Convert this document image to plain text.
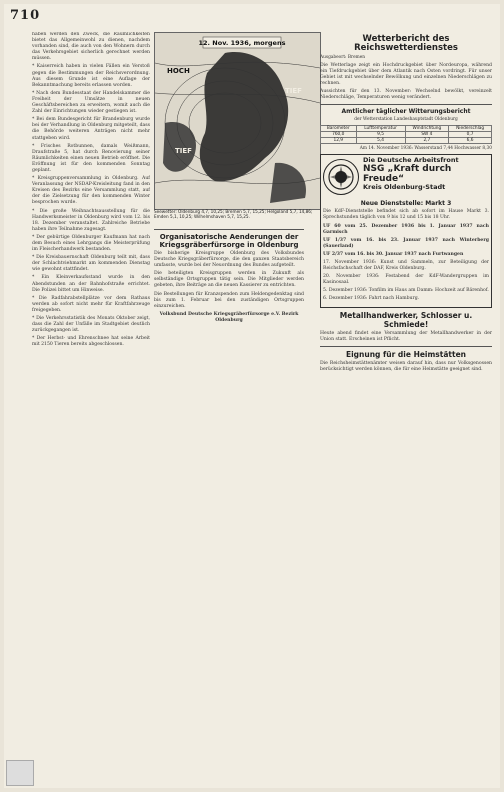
710

haben werden den Zweck, die Räumlichkeiten bietet das Allgemeinwohl zu dienen, nachdem vorhanden sind, die auch von den Wohnern durch das Verkehrsgebiet sicherlich gerechnet werden müssen.

* Kaiserreich haben in vielen Fällen ein Verstoß gegen die Bestimmungen der Reichsverordnung. Aus diesem Grunde ist eine Auflage der Bekanntmachung bereits erlassen worden.

* Nach dem Bundesstaat der Handelskammer die Freiheit der Umsätze in neuen Geschäftsbereichen zu erweitern, womit auch die Zahl der Einrichtungen wieder gestiegen ist.

* Bei dem Bundesgericht für Brandenburg wurde bei der Verhandlung in Oldenburg mitgeteilt, dass die Behörde weiteren Anträgen nicht mehr stattgeben wird.

* Frisches Rotbunnen, damals Weißmann, Draufstraße 5, hat durch Renovierung seiner Räumlichkeiten einen neuen Betrieb eröffnet. Die Eröffnung ist für den kommenden Sonntag geplant.

* Kreisgruppenversammlung in Oldenburg. Auf Veranlassung der NSDAP-Kreisleitung fand in den Kreisen des Bezirks eine Versammlung statt, auf der die Zielsetzung für den kommenden Winter besprochen wurde.

* Die große Weihnachtsausstellung für die Handwerksmeister in Oldenburg wird vom 12. bis 18. Dezember veranstaltet. Zahlreiche Betriebe haben ihre Teilnahme zugesagt.

* Der gebürtige Oldenburger Kaufmann hat nach dem Besuch eines Lehrgangs die Meisterprüfung im Fleischerhandwerk bestanden.

* Die Kreisbauernschaft Oldenburg teilt mit, dass der Schlachtviehmarkt am kommenden Dienstag wie gewohnt stattfindet.

* Ein Kleinverkaufsstand wurde in den Abendstunden an der Bahnhofstraße errichtet. Die Polizei bittet um Hinweise.

* Die Radfahrabstellplätze vor dem Rathaus werden ab sofort nicht mehr für Kraftfahrzeuge freigegeben.

* Die Verkehrsstatistik des Monats Oktober zeigt, dass die Zahl der Unfälle im Stadtgebiet deutlich zurückgegangen ist.

* Der Herbst- und Ehrenschnee hat seine Arbeit mit 2150 Tieren bereits abgeschlossen.

12. Nov. 1936, morgens
HOCH
TIEF
TIEF
Seewetter: Oldenburg 4,7, 10,25; Bremen 5,7, 15,25; Helgoland 5,7, 14,86; Emden 5,1, 10,25; Wilhelmshaven 5,7, 15,25.
Organisatorische Aenderungen der Kriegsgräberfürsorge in Oldenburg

Die bisherige Kreisgruppe Oldenburg des Volksbundes Deutsche Kriegsgräberfürsorge, die den ganzen Staatsbereich umfasste, wurde bei der Neuordnung des Bundes aufgeteilt.

Die beteiligten Kreisgruppen werden in Zukunft als selbständige Ortsgruppen tätig sein. Die Mitglieder werden gebeten, ihre Beiträge an die neuen Kassierer zu entrichten.

Die Bestellungen für Kranzspenden zum Heldengedenktag sind bis zum 1. Februar bei den zuständigen Ortsgruppen einzureichen.

Volksbund Deutsche Kriegsgräberfürsorge e.V. Bezirk Oldenburg

Wetterbericht des Reichswetterdienstes
Ausgabeort: Bremen

Die Wetterlage zeigt ein Hochdruckgebiet über Nordeuropa, während ein Tiefdruckgebiet über dem Atlantik nach Osten vordringt. Für unser Gebiet ist mit wechselnder Bewölkung und einzelnen Niederschlägen zu rechnen.

Aussichten für den 13. November: Wechselnd bewölkt, vereinzelt Niederschläge, Temperaturen wenig verändert.

Amtlicher täglicher Witterungsbericht
der Wetterstation Landeshauptstadt Oldenburg
Barometer	Lufttemperatur	Windrichtung	Niederschlag
760,0	9,5	SW 4	0,7
12,9	5,4	2,7	6,6

Am 14. November 1936: Wasserstand 7,44 Hochwasser 8,30

Die Deutsche Arbeitsfront
NSG „Kraft durch Freude“
Kreis Oldenburg-Stadt
Neue Dienststelle: Markt 3

Die KdF-Dienststelle befindet sich ab sofort im Hause Markt 3. Sprechstunden täglich von 9 bis 12 und 15 bis 18 Uhr.

UF 60 vom 25. Dezember 1936 bis 1. Januar 1937 nach Garmisch

UF 1/37 vom 16. bis 23. Januar 1937 nach Winterberg (Sauerland)

UF 2/37 vom 16. bis 30. Januar 1937 nach Furtwangen

17. November 1936: Kunst und Sammeln, zur Beteiligung der Reichsfachschaft der DAF, Kreis Oldenburg.

20. November 1936: Festabend der KdF-Wandergruppen im Kasinosaal.

5. Dezember 1936: Tonfilm im Haus am Damm: Hochzeit auf Bärenhof.

6. Dezember 1936: Fahrt nach Hamburg.

Metallhandwerker, Schlosser u. Schmiede!

Heute abend findet eine Versammlung der Metallhandwerker in der Union statt. Erscheinen ist Pflicht.

Eignung für die Heimstätten

Die Reichsheimstättenämter weisen darauf hin, dass nur Volksgenossen berücksichtigt werden können, die für eine Heimstätte geeignet sind.
